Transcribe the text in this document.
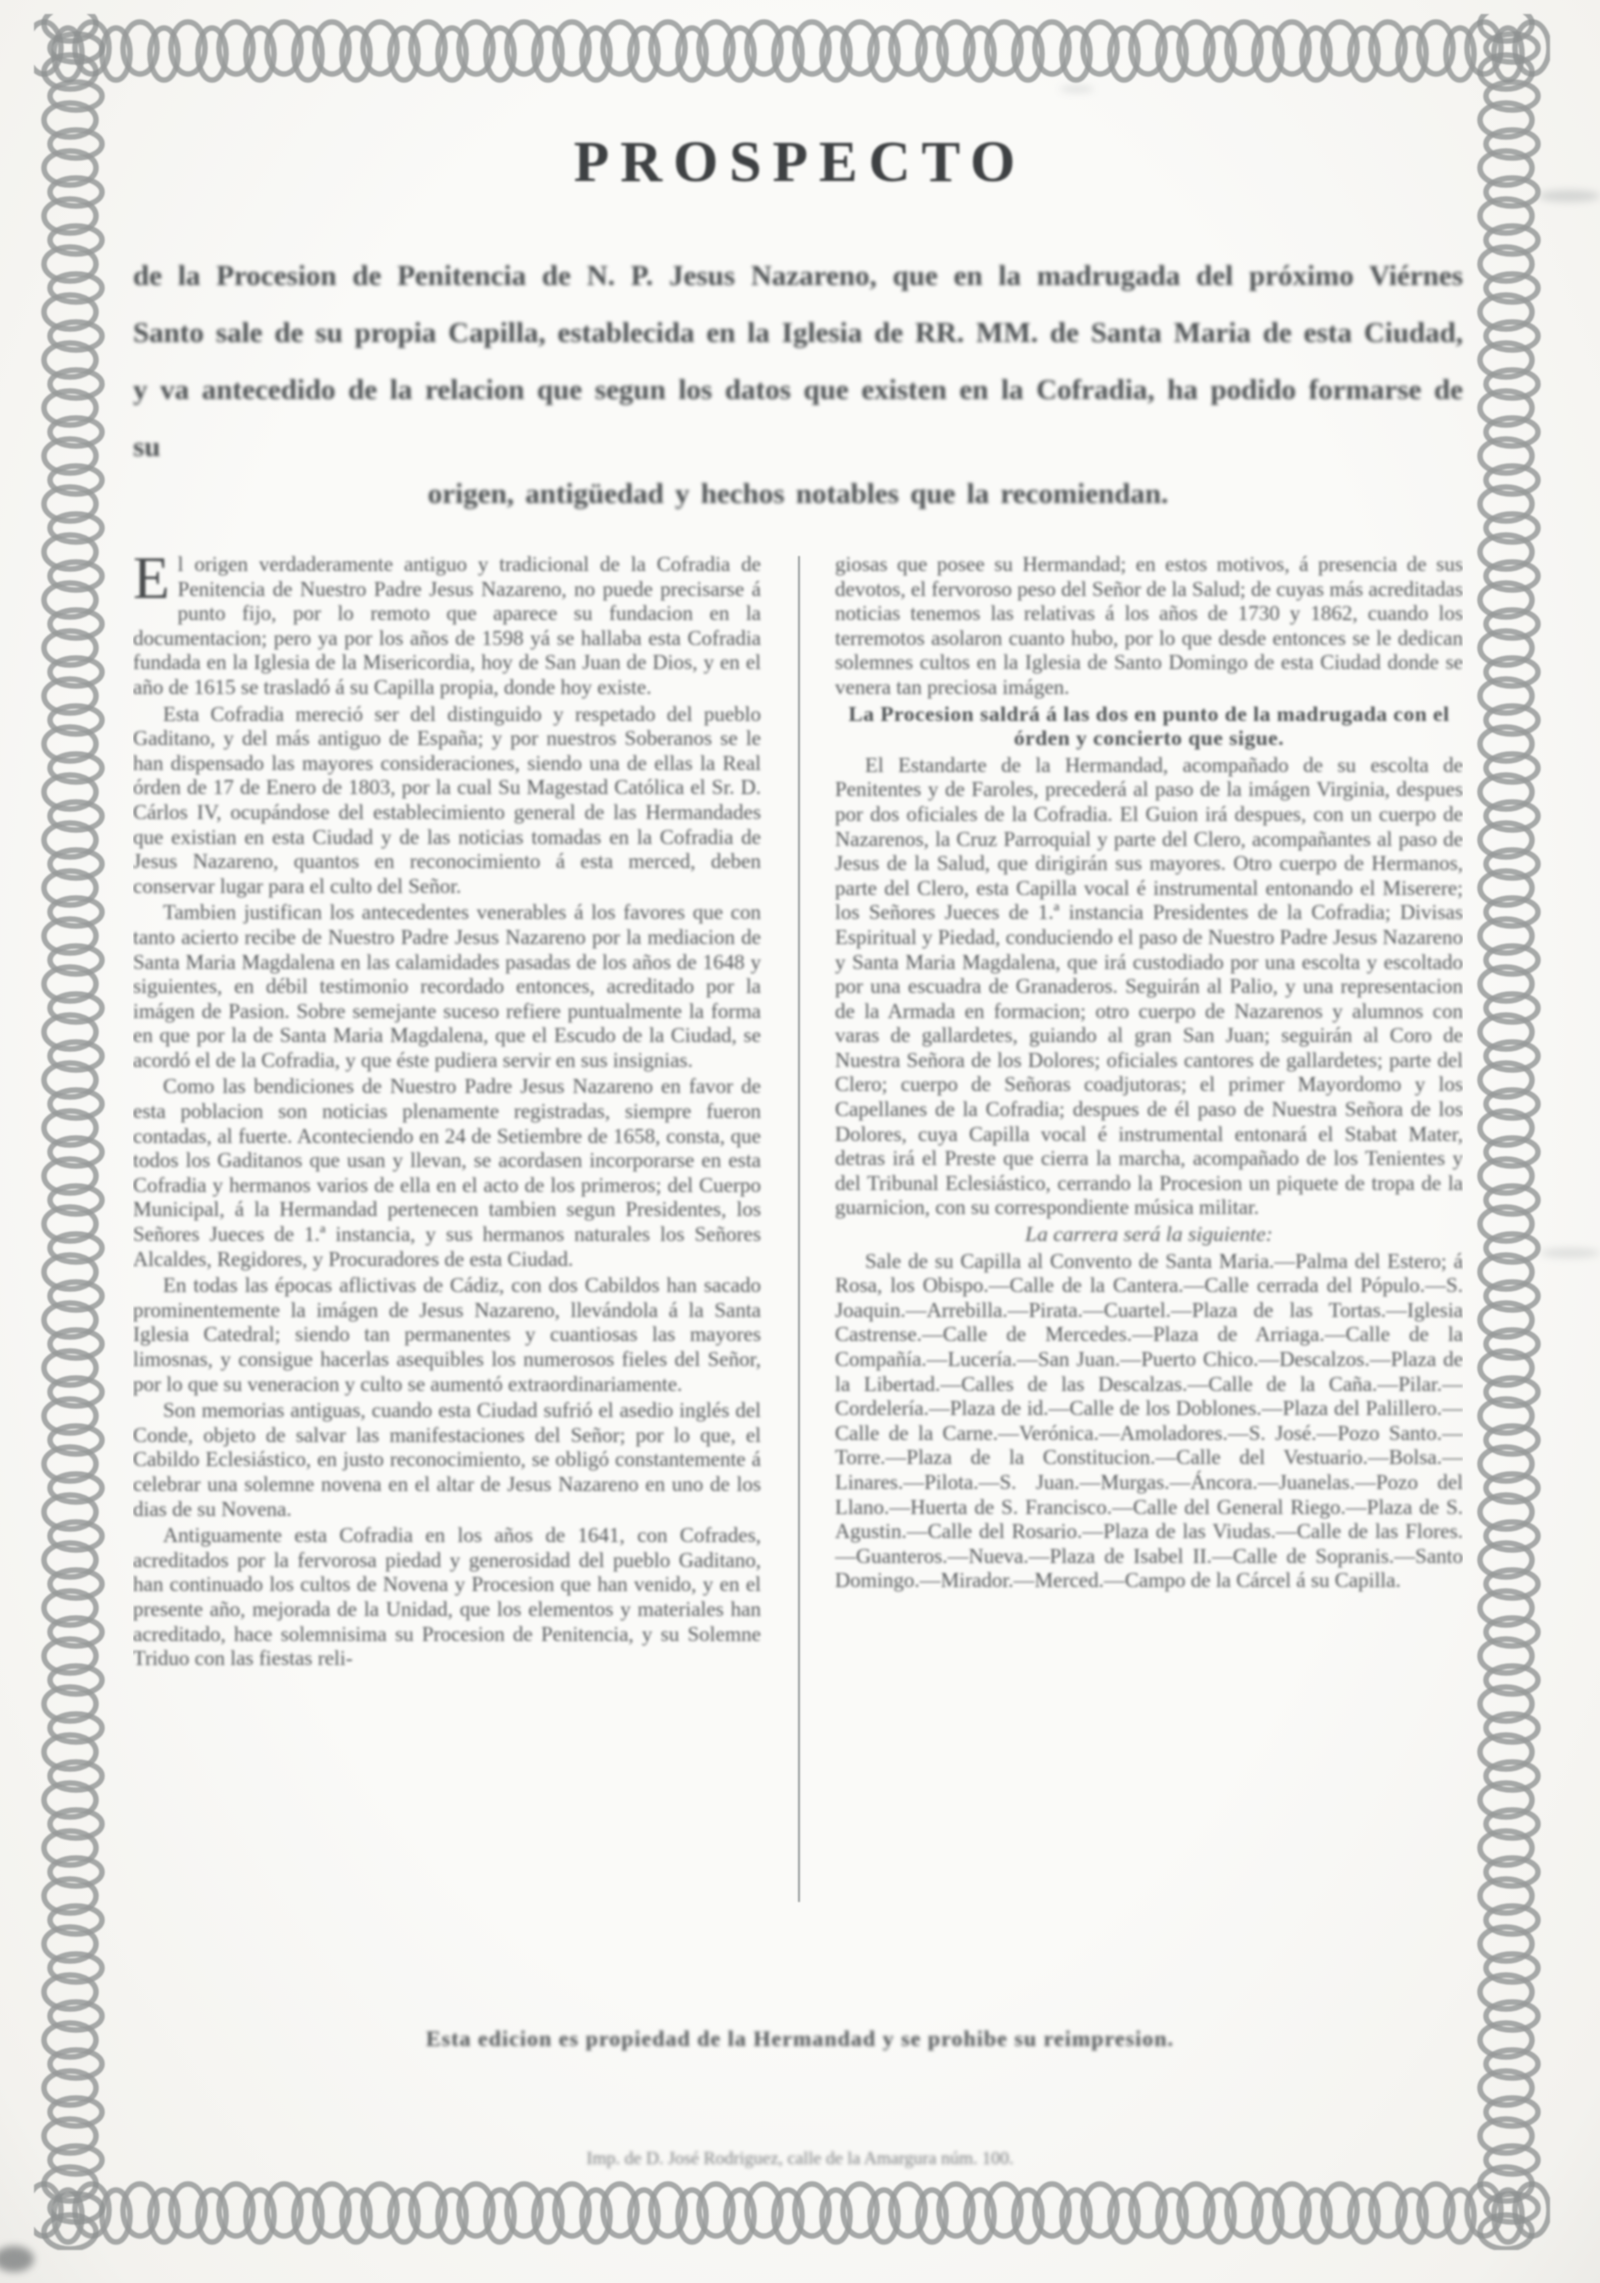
PROSPECTO
de la Procesion de Penitencia de N. P. Jesus Nazareno, que en la madrugada del próximo Viérnes Santo sale de su propia Capilla, establecida en la Iglesia de RR. MM. de Santa Maria de esta Ciudad, y va antecedido de la relacion que segun los datos que existen en la Cofradia, ha podido formarse de su
origen, antigüedad y hechos notables que la recomiendan.

El origen verdaderamente antiguo y tradicional de la Cofradia de Penitencia de Nuestro Padre Jesus Nazareno, no puede precisarse á punto fijo, por lo remoto que aparece su fundacion en la documentacion; pero ya por los años de 1598 yá se hallaba esta Cofradia fundada en la Iglesia de la Misericordia, hoy de San Juan de Dios, y en el año de 1615 se trasladó á su Capilla propia, donde hoy existe.

Esta Cofradia mereció ser del distinguido y respetado del pueblo Gaditano, y del más antiguo de España; y por nuestros Soberanos se le han dispensado las mayores consideraciones, siendo una de ellas la Real órden de 17 de Enero de 1803, por la cual Su Magestad Católica el Sr. D. Cárlos IV, ocupándose del establecimiento general de las Hermandades que existian en esta Ciudad y de las noticias tomadas en la Cofradia de Jesus Nazareno, quantos en reconocimiento á esta merced, deben conservar lugar para el culto del Señor.

Tambien justifican los antecedentes venerables á los favores que con tanto acierto recibe de Nuestro Padre Jesus Nazareno por la mediacion de Santa Maria Magdalena en las calamidades pasadas de los años de 1648 y siguientes, en débil testimonio recordado entonces, acreditado por la imágen de Pasion. Sobre semejante suceso refiere puntualmente la forma en que por la de Santa Maria Magdalena, que el Escudo de la Ciudad, se acordó el de la Cofradia, y que éste pudiera servir en sus insignias.

Como las bendiciones de Nuestro Padre Jesus Nazareno en favor de esta poblacion son noticias plenamente registradas, siempre fueron contadas, al fuerte. Aconteciendo en 24 de Setiembre de 1658, consta, que todos los Gaditanos que usan y llevan, se acordasen incorporarse en esta Cofradia y hermanos varios de ella en el acto de los primeros; del Cuerpo Municipal, á la Hermandad pertenecen tambien segun Presidentes, los Señores Jueces de 1.ª instancia, y sus hermanos naturales los Señores Alcaldes, Regidores, y Procuradores de esta Ciudad.

En todas las épocas aflictivas de Cádiz, con dos Cabildos han sacado prominentemente la imágen de Jesus Nazareno, llevándola á la Santa Iglesia Catedral; siendo tan permanentes y cuantiosas las mayores limosnas, y consigue hacerlas asequibles los numerosos fieles del Señor, por lo que su veneracion y culto se aumentó extraordinariamente.

Son memorias antiguas, cuando esta Ciudad sufrió el asedio inglés del Conde, objeto de salvar las manifestaciones del Señor; por lo que, el Cabildo Eclesiástico, en justo reconocimiento, se obligó constantemente á celebrar una solemne novena en el altar de Jesus Nazareno en uno de los dias de su Novena.

Antiguamente esta Cofradia en los años de 1641, con Cofrades, acreditados por la fervorosa piedad y generosidad del pueblo Gaditano, han continuado los cultos de Novena y Procesion que han venido, y en el presente año, mejorada de la Unidad, que los elementos y materiales han acreditado, hace solemnisima su Procesion de Penitencia, y su Solemne Triduo con las fiestas reli-

giosas que posee su Hermandad; en estos motivos, á presencia de sus devotos, el fervoroso peso del Señor de la Salud; de cuyas más acreditadas noticias tenemos las relativas á los años de 1730 y 1862, cuando los terremotos asolaron cuanto hubo, por lo que desde entonces se le dedican solemnes cultos en la Iglesia de Santo Domingo de esta Ciudad donde se venera tan preciosa imágen.

La Procesion saldrá á las dos en punto de la madrugada con el órden y concierto que sigue.

El Estandarte de la Hermandad, acompañado de su escolta de Penitentes y de Faroles, precederá al paso de la imágen Virginia, despues por dos oficiales de la Cofradia. El Guion irá despues, con un cuerpo de Nazarenos, la Cruz Parroquial y parte del Clero, acompañantes al paso de Jesus de la Salud, que dirigirán sus mayores. Otro cuerpo de Hermanos, parte del Clero, esta Capilla vocal é instrumental entonando el Miserere; los Señores Jueces de 1.ª instancia Presidentes de la Cofradia; Divisas Espiritual y Piedad, conduciendo el paso de Nuestro Padre Jesus Nazareno y Santa Maria Magdalena, que irá custodiado por una escolta y escoltado por una escuadra de Granaderos. Seguirán al Palio, y una representacion de la Armada en formacion; otro cuerpo de Nazarenos y alumnos con varas de gallardetes, guiando al gran San Juan; seguirán al Coro de Nuestra Señora de los Dolores; oficiales cantores de gallardetes; parte del Clero; cuerpo de Señoras coadjutoras; el primer Mayordomo y los Capellanes de la Cofradia; despues de él paso de Nuestra Señora de los Dolores, cuya Capilla vocal é instrumental entonará el Stabat Mater, detras irá el Preste que cierra la marcha, acompañado de los Tenientes y del Tribunal Eclesiástico, cerrando la Procesion un piquete de tropa de la guarnicion, con su correspondiente música militar.

La carrera será la siguiente:

Sale de su Capilla al Convento de Santa Maria.—Palma del Estero; á Rosa, los Obispo.—Calle de la Cantera.—Calle cerrada del Pópulo.—S. Joaquin.—Arrebilla.—Pirata.—Cuartel.—Plaza de las Tortas.—Iglesia Castrense.—Calle de Mercedes.—Plaza de Arriaga.—Calle de la Compañía.—Lucería.—San Juan.—Puerto Chico.—Descalzos.—Plaza de la Libertad.—Calles de las Descalzas.—Calle de la Caña.—Pilar.—Cordelería.—Plaza de id.—Calle de los Doblones.—Plaza del Palillero.—Calle de la Carne.—Verónica.—Amoladores.—S. José.—Pozo Santo.—Torre.—Plaza de la Constitucion.—Calle del Vestuario.—Bolsa.—Linares.—Pilota.—S. Juan.—Murgas.—Áncora.—Juanelas.—Pozo del Llano.—Huerta de S. Francisco.—Calle del General Riego.—Plaza de S. Agustin.—Calle del Rosario.—Plaza de las Viudas.—Calle de las Flores.—Guanteros.—Nueva.—Plaza de Isabel II.—Calle de Sopranis.—Santo Domingo.—Mirador.—Merced.—Campo de la Cárcel á su Capilla.

Esta edicion es propiedad de la Hermandad y se prohibe su reimpresion.
Imp. de D. José Rodriguez, calle de la Amargura núm. 100.
